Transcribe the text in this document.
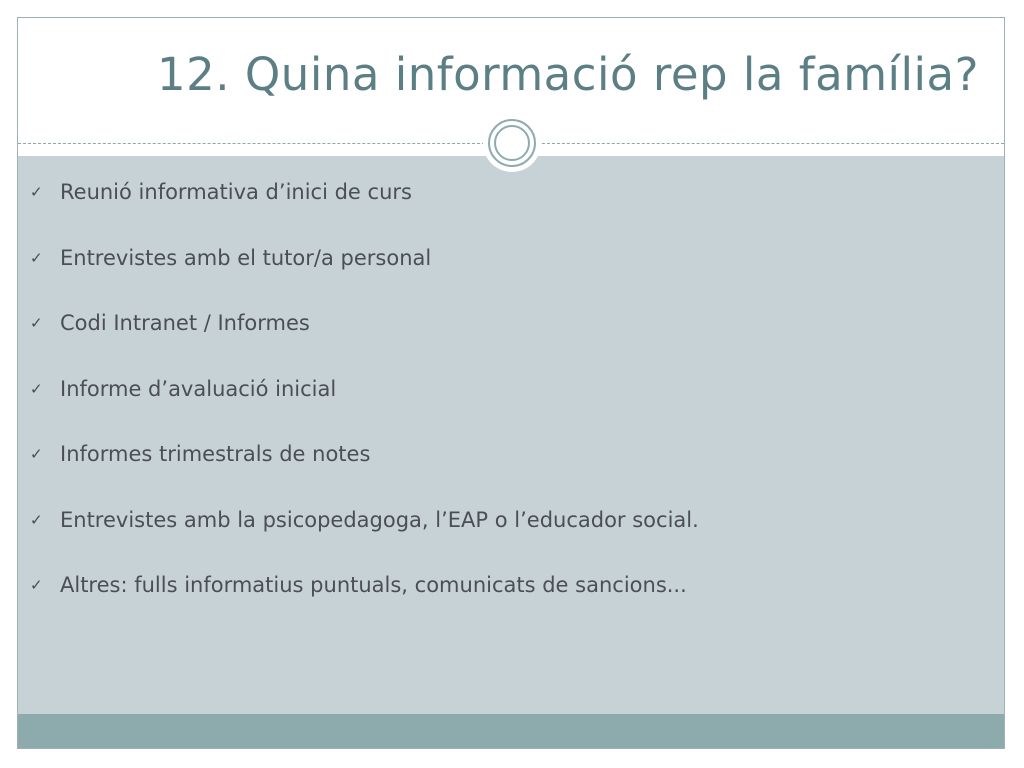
12. Quina informació rep la família?
✓ Reunió informativa d’inici de curs
✓ Entrevistes amb el tutor/a personal
✓ Codi Intranet / Informes
✓ Informe d’avaluació inicial
✓ Informes trimestrals de notes
✓ Entrevistes amb la psicopedagoga, l’EAP o l’educador social.
✓ Altres: fulls informatius puntuals, comunicats de sancions...
